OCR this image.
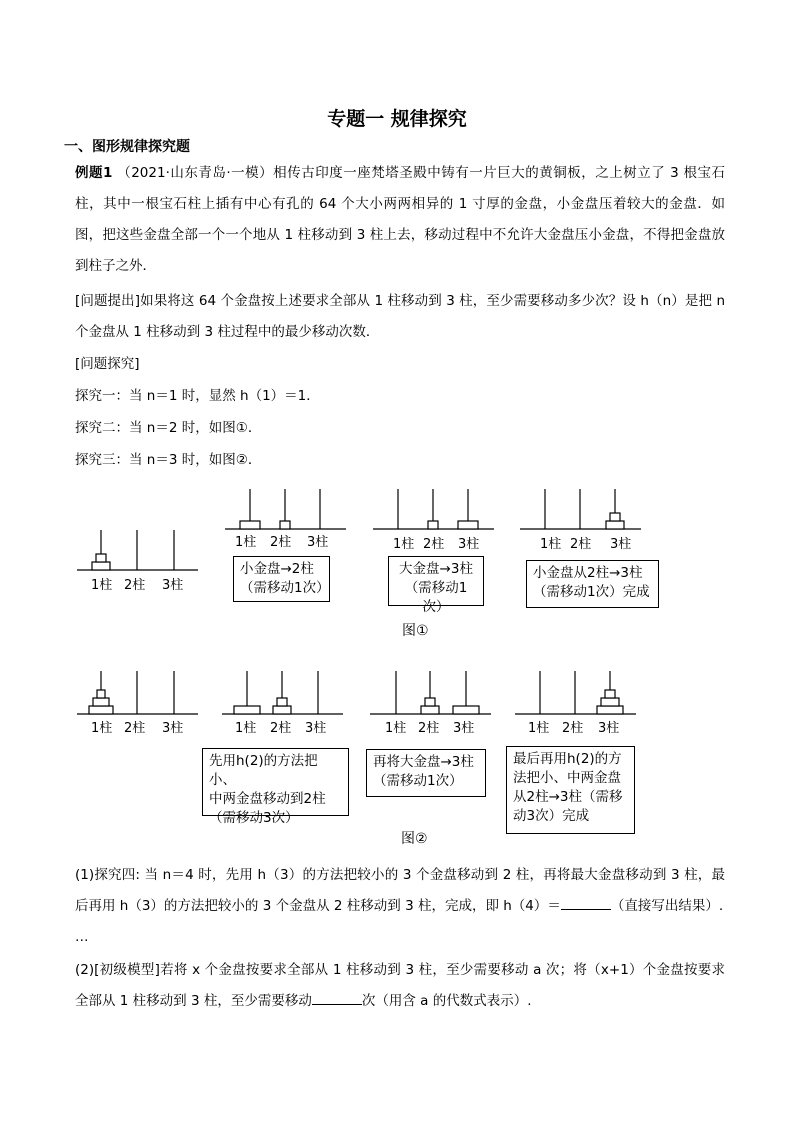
专题一 规律探究
一、图形规律探究题
例题1 （2021·山东青岛·一模）相传古印度一座梵塔圣殿中铸有一片巨大的黄铜板，之上树立了 3 根宝石柱，其中一根宝石柱上插有中心有孔的 64 个大小两两相异的 1 寸厚的金盘，小金盘压着较大的金盘．如图，把这些金盘全部一个一个地从 1 柱移动到 3 柱上去，移动过程中不允许大金盘压小金盘，不得把金盘放到柱子之外．
[问题提出]如果将这 64 个金盘按上述要求全部从 1 柱移动到 3 柱，至少需要移动多少次？设 h（n）是把 n 个金盘从 1 柱移动到 3 柱过程中的最少移动次数．
[问题探究]
探究一：当 n＝1 时，显然 h（1）＝1．
探究二：当 n＝2 时，如图①．
探究三：当 n＝3 时，如图②．
1柱 2柱 3柱
1柱 2柱 3柱	1柱 2柱 3柱	1柱 2柱 3柱
小金盘→2柱
（需移动1次）
大金盘→3柱
（需移动1次）
小金盘从2柱→3柱
（需移动1次）完成
图①
1柱 2柱 3柱	1柱 2柱 3柱	1柱 2柱 3柱	1柱 2柱 3柱
先用h(2)的方法把小、
中两金盘移动到2柱
（需移动3次）
再将大金盘→3柱
（需移动1次）
最后再用h(2)的方
法把小、中两金盘
从2柱→3柱（需移
动3次）完成
图②
(1)探究四: 当 n＝4 时，先用 h（3）的方法把较小的 3 个金盘移动到 2 柱，再将最大金盘移动到 3 柱，最后再用 h（3）的方法把较小的 3 个金盘从 2 柱移动到 3 柱，完成，即 h（4）＝	（直接写出结果）.
…
(2)[初级模型]若将 x 个金盘按要求全部从 1 柱移动到 3 柱，至少需要移动 a 次；将（x+1）个金盘按要求全部从 1 柱移动到 3 柱，至少需要移动	次（用含 a 的代数式表示）.
